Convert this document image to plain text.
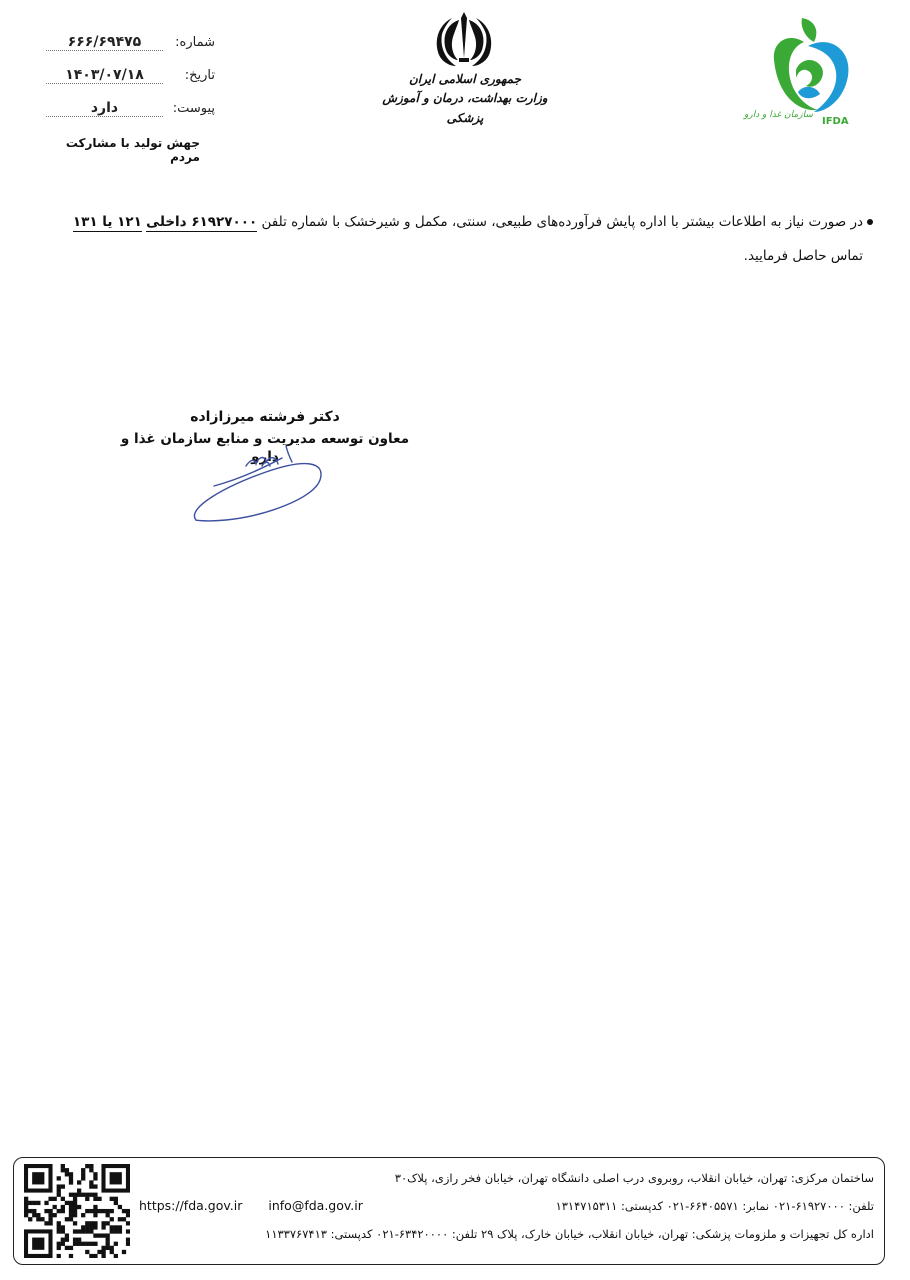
سازمان غذا و دارو
IFDA
جمهوری اسلامی ایران
وزارت بهداشت، درمان و آموزش پزشکی
شماره:
۶۶۶/۶۹۴۷۵
تاریخ:
۱۴۰۳/۰۷/۱۸
پیوست:
دارد
جهش تولید با مشارکت مردم
در صورت نیاز به اطلاعات بیشتر با اداره پایش فرآورده‌های طبیعی، سنتی، مکمل و شیرخشک با شماره تلفن ۶۱۹۲۷۰۰۰ داخلی ۱۲۱ یا ۱۳۱ تماس حاصل فرمایید.
دکتر فرشته میرزازاده
معاون توسعه مدیریت و منابع سازمان غذا و دارو
ساختمان مرکزی: تهران، خیابان انقلاب، روبروی درب اصلی دانشگاه تهران، خیابان فخر رازی، پلاک۳۰
تلفن: ۶۱۹۲۷۰۰۰-۰۲۱ نمابر: ۶۶۴۰۵۵۷۱-۰۲۱ کدپستی: ۱۳۱۴۷۱۵۳۱۱
https://fda.gov.ir info@fda.gov.ir
اداره کل تجهیزات و ملزومات پزشکی: تهران، خیابان انقلاب، خیابان خارک، پلاک ۲۹ تلفن: ۶۳۴۲۰۰۰۰-۰۲۱ کدپستی: ۱۱۳۳۷۶۷۴۱۳
